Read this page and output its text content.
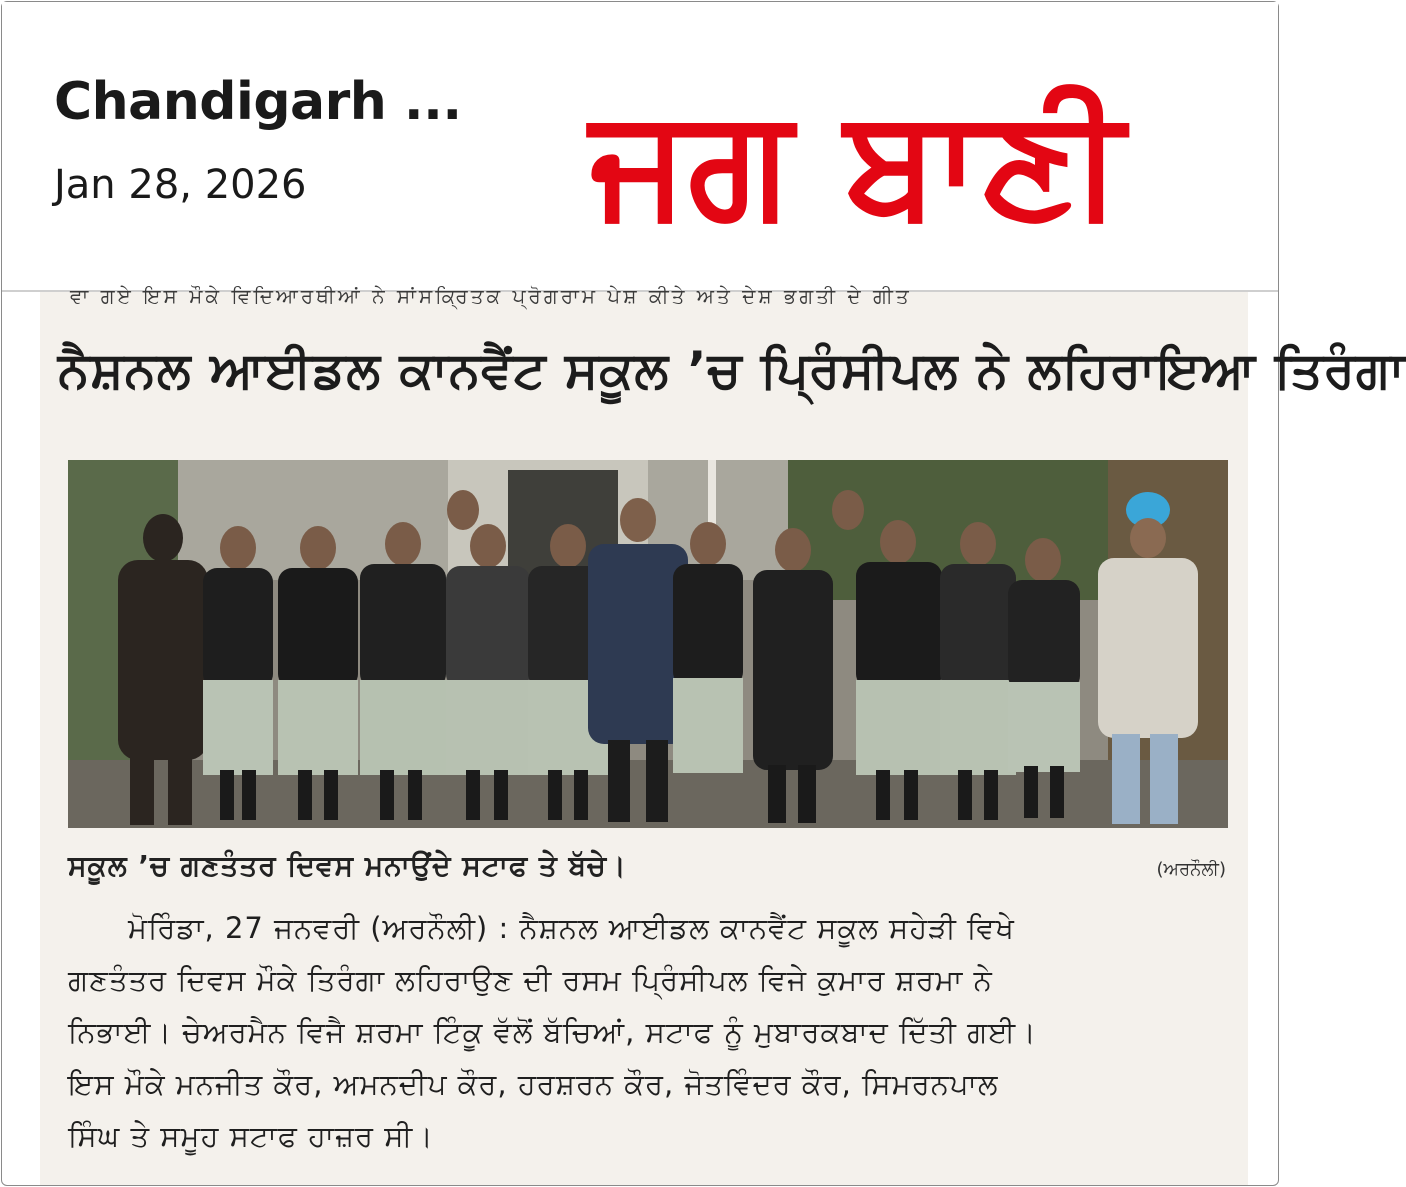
Chandigarh ...
Jan 28, 2026 ਜਗ ਬਾਣੀ
ਵਾ ਗਏ ਇਸ ਮੌਕੇ ਵਿਦਿਆਰਥੀਆਂ ਨੇ ਸਾਂਸਕ੍ਰਿਤਕ ਪ੍ਰੋਗਰਾਮ ਪੇਸ਼ ਕੀਤੇ ਅਤੇ ਦੇਸ਼ ਭਗਤੀ ਦੇ ਗੀਤ
ਨੈਸ਼ਨਲ ਆਈਡਲ ਕਾਨਵੈਂਟ ਸਕੂਲ ’ਚ ਪ੍ਰਿੰਸੀਪਲ ਨੇ ਲਹਿਰਾਇਆ ਤਿਰੰਗਾ
ਸਕੂਲ ’ਚ ਗਣਤੰਤਰ ਦਿਵਸ ਮਨਾਉਂਦੇ ਸਟਾਫ ਤੇ ਬੱਚੇ।	(ਅਰਨੌਲੀ)
ਮੋਰਿੰਡਾ, 27 ਜਨਵਰੀ (ਅਰਨੌਲੀ) : ਨੈਸ਼ਨਲ ਆਈਡਲ ਕਾਨਵੈਂਟ ਸਕੂਲ ਸਹੇੜੀ ਵਿਖੇ
ਗਣਤੰਤਰ ਦਿਵਸ ਮੌਕੇ ਤਿਰੰਗਾ ਲਹਿਰਾਉਣ ਦੀ ਰਸਮ ਪ੍ਰਿੰਸੀਪਲ ਵਿਜੇ ਕੁਮਾਰ ਸ਼ਰਮਾ ਨੇ
ਨਿਭਾਈ। ਚੇਅਰਮੈਨ ਵਿਜੈ ਸ਼ਰਮਾ ਟਿੰਕੂ ਵੱਲੋਂ ਬੱਚਿਆਂ, ਸਟਾਫ ਨੂੰ ਮੁਬਾਰਕਬਾਦ ਦਿੱਤੀ ਗਈ।
ਇਸ ਮੌਕੇ ਮਨਜੀਤ ਕੌਰ, ਅਮਨਦੀਪ ਕੌਰ, ਹਰਸ਼ਰਨ ਕੌਰ, ਜੋਤਵਿੰਦਰ ਕੌਰ, ਸਿਮਰਨਪਾਲ
ਸਿੰਘ ਤੇ ਸਮੂਹ ਸਟਾਫ ਹਾਜ਼ਰ ਸੀ।
